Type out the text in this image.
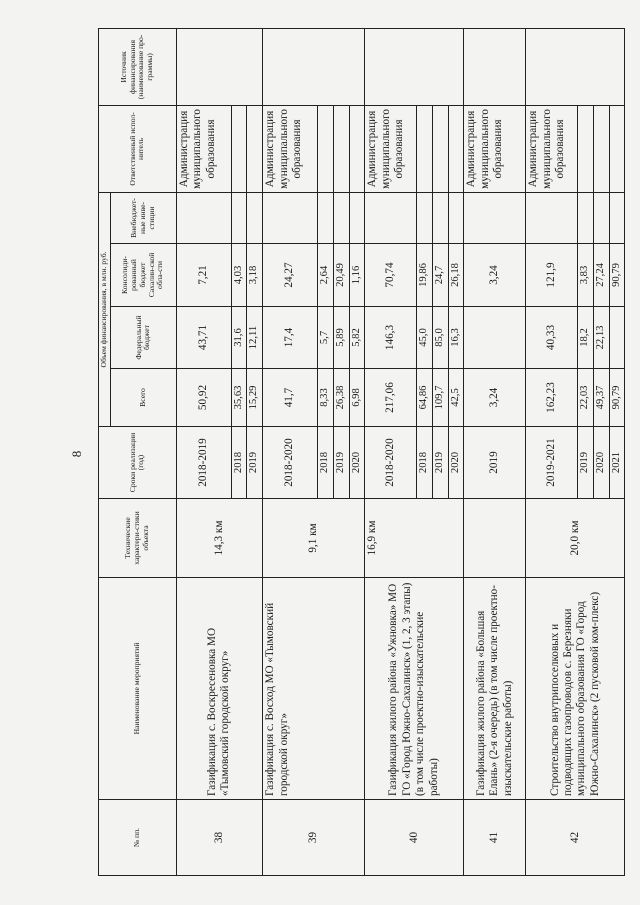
8
№ пп.	Наименование мероприятий	Технические характери-стики объекта	Сроки реализации (год)	Объем финансирования, в млн. руб.				Ответственный испол-нитель	Источник финансирования (наименование про-граммы)
				Всего	Федеральный бюджет	Консолиди-рованный бюджет Сахалин-ской обла-сти	Внебюджет-ные инве-стиции		
38	Газификация с. Воскресеновка МО «Тымовский городской округ»	14,3 км	2018-2019	50,92	43,71	7,21		Администрация муниципального образования	
			2018	35,63	31,6	4,03			
			2019	15,29	12,11	3,18			
39	Газификация с. Восход МО «Тымовский городской округ»	9,1 км	2018-2020	41,7	17,4	24,27		Администрация муниципального образования	
			2018	8,33	5,7	2,64			
			2019	26,38	5,89	20,49			
			2020	6,98	5,82	1,16			
40	Газификация жилого района «Ужновка» МО ГО «Город Южно-Сахалинск» (1, 2, 3 этапы) (в том числе проектно-изыскательские работы)	16,9 км	2018-2020	217,06	146,3	70,74		Администрация муниципального образования	
			2018	64,86	45,0	19,86			
			2019	109,7	85,0	24,7			
			2020	42,5	16,3	26,18			
41	Газификация жилого района «Большая Елань» (2-я очередь) (в том числе проектно-изыскательские работы)		2019	3,24		3,24		Администрация муниципального образования	
42	Строительство внутрипоселковых и подводящих газопроводов с. Березняки муниципального образования ГО «Город Южно-Сахалинск» (2 пусковой ком-плекс)	20,0 км	2019-2021	162,23	40,33	121,9		Администрация муниципального образования	
			2019	22,03	18,2	3,83			
			2020	49,37	22,13	27,24			
			2021	90,79		90,79			
